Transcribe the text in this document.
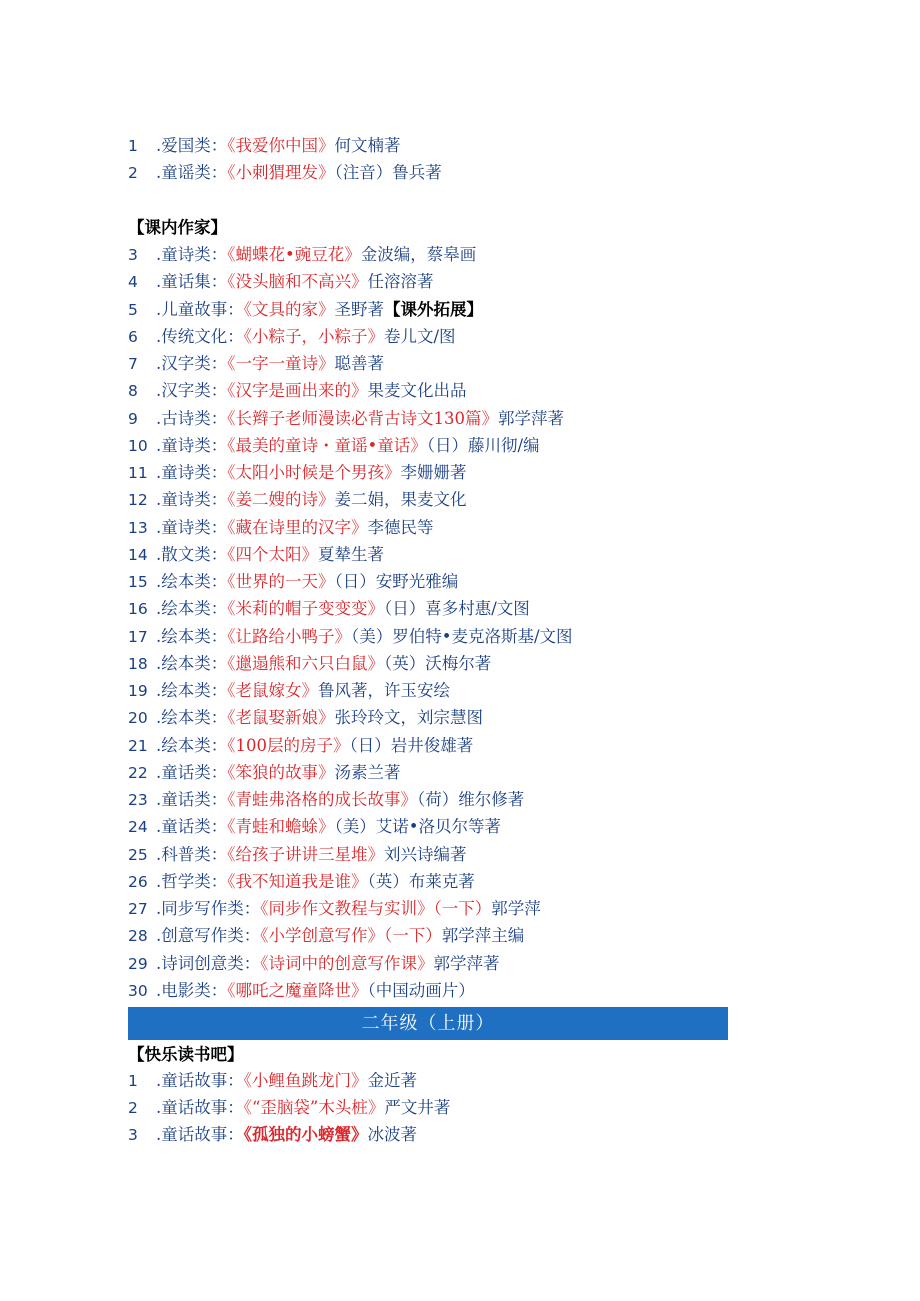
1 .爱国类：《我爱你中国》何文楠著
2 .童谣类：《小刺猬理发》（注音）鲁兵著
【课内作家】
3 .童诗类：《蝴蝶花•豌豆花》金波编，蔡皋画
4 .童话集：《没头脑和不高兴》任溶溶著
5 .儿童故事：《文具的家》圣野著【课外拓展】
6 .传统文化：《小粽子，小粽子》卷儿文/图
7 .汉字类：《一字一童诗》聪善著
8 .汉字类：《汉字是画出来的》果麦文化出品
9 .古诗类：《长辫子老师漫读必背古诗文130篇》郭学萍著
10 .童诗类：《最美的童诗・童谣•童话》（日）藤川彻/编
11 .童诗类：《太阳小时候是个男孩》李姗姗著
12 .童诗类：《姜二嫂的诗》姜二娟，果麦文化
13 .童诗类：《藏在诗里的汉字》李德民等
14 .散文类：《四个太阳》夏辇生著
15 .绘本类：《世界的一天》（日）安野光雅编
16 .绘本类：《米莉的帽子变变变》（日）喜多村惠/文图
17 .绘本类：《让路给小鸭子》（美）罗伯特•麦克洛斯基/文图
18 .绘本类：《邋遢熊和六只白鼠》（英）沃梅尔著
19 .绘本类：《老鼠嫁女》鲁风著，许玉安绘
20 .绘本类：《老鼠娶新娘》张玲玲文，刘宗慧图
21 .绘本类：《100层的房子》（日）岩井俊雄著
22 .童话类：《笨狼的故事》汤素兰著
23 .童话类：《青蛙弗洛格的成长故事》（荷）维尔修著
24 .童话类：《青蛙和蟾蜍》（美）艾诺•洛贝尔等著
25 .科普类：《给孩子讲讲三星堆》刘兴诗编著
26 .哲学类：《我不知道我是谁》（英）布莱克著
27 .同步写作类：《同步作文教程与实训》（一下）郭学萍
28 .创意写作类：《小学创意写作》（一下）郭学萍主编
29 .诗词创意类：《诗词中的创意写作课》郭学萍著
30 .电影类：《哪吒之魔童降世》（中国动画片）
二年级（上册）
【快乐读书吧】
1 .童话故事：《小鲤鱼跳龙门》金近著
2 .童话故事：《“歪脑袋”木头桩》严文井著
3 .童话故事：《孤独的小螃蟹》冰波著
